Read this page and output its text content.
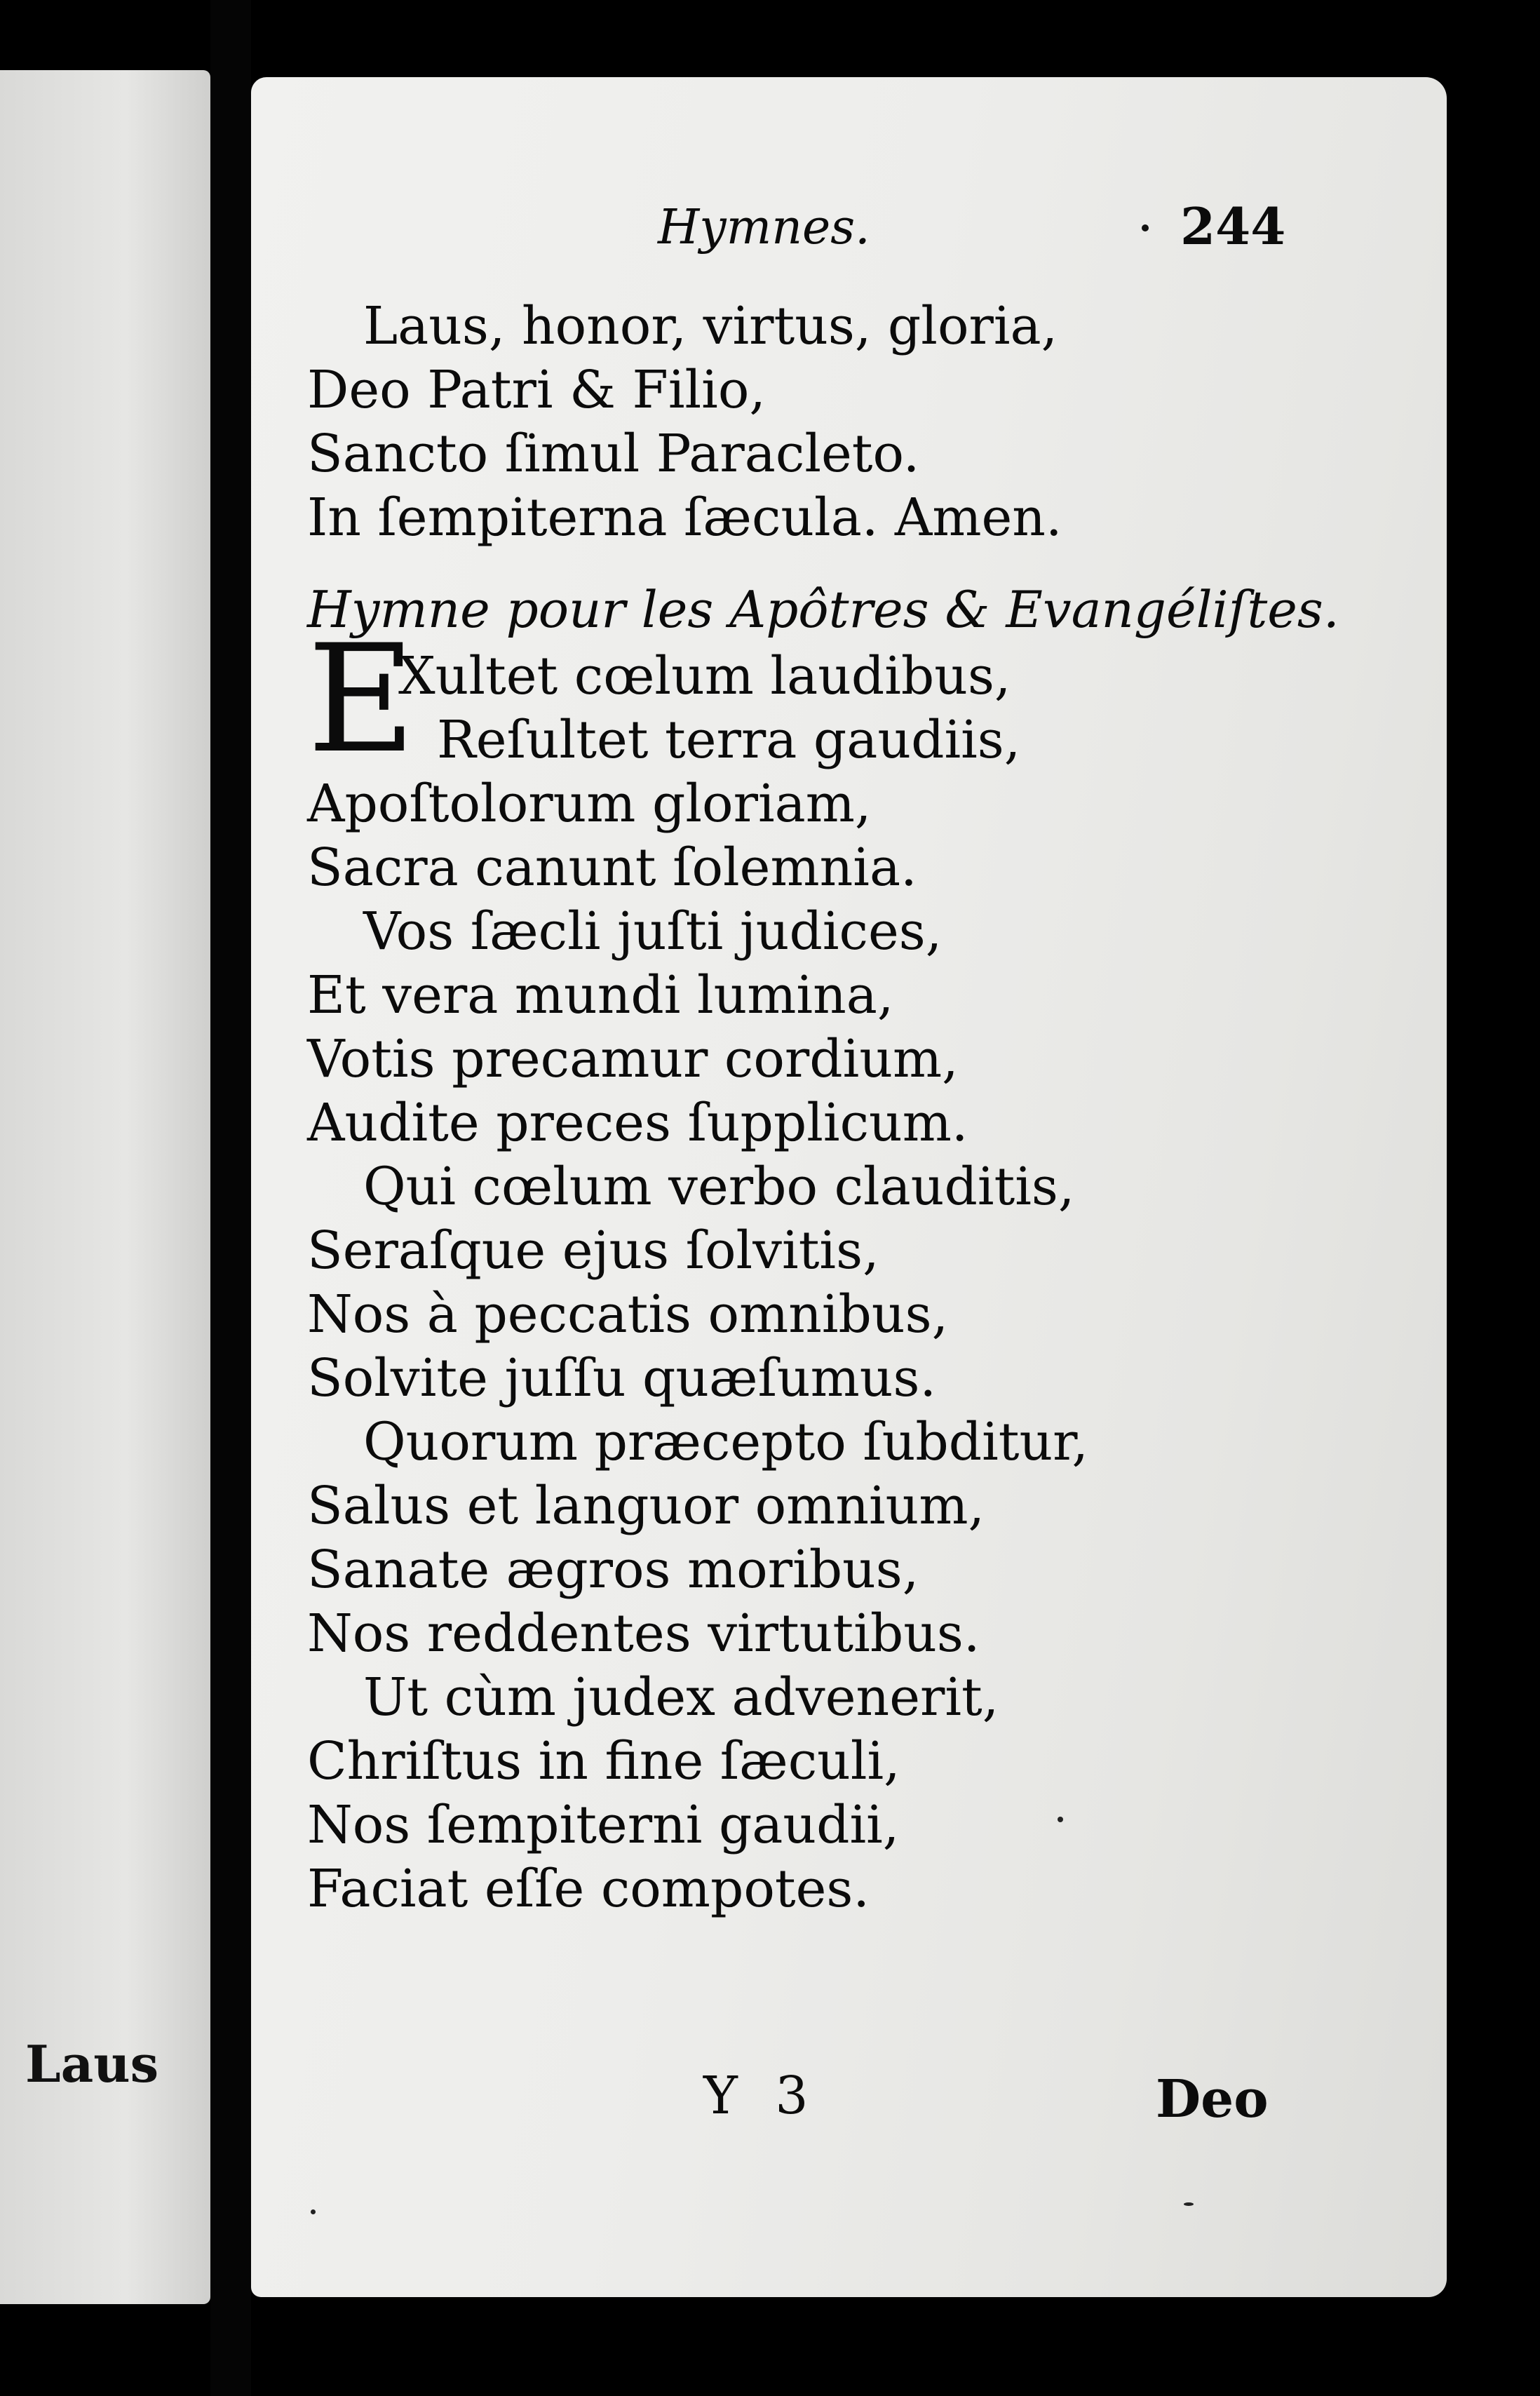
Laus
Hymnes.	244
Laus, honor, virtus, gloria,
Deo Patri & Filio,
Sancto ſimul Paracleto.
In ſempiterna ſæcula. Amen.
Hymne pour les Apôtres & Evangéliſtes.
E
Xultet cœlum laudibus,
Reſultet terra gaudiis,
Apoſtolorum gloriam,
Sacra canunt ſolemnia.
Vos ſæcli juſti judices,
Et vera mundi lumina,
Votis precamur cordium,
Audite preces ſupplicum.
Qui cœlum verbo clauditis,
Seraſque ejus ſolvitis,
Nos à peccatis omnibus,
Solvite juſſu quæſumus.
Quorum præcepto ſubditur,
Salus et languor omnium,
Sanate ægros moribus,
Nos reddentes virtutibus.
Ut cùm judex advenerit,
Chriſtus in fine ſæculi,
Nos ſempiterni gaudii,
Faciat eſſe compotes.
Y 3	Deo
